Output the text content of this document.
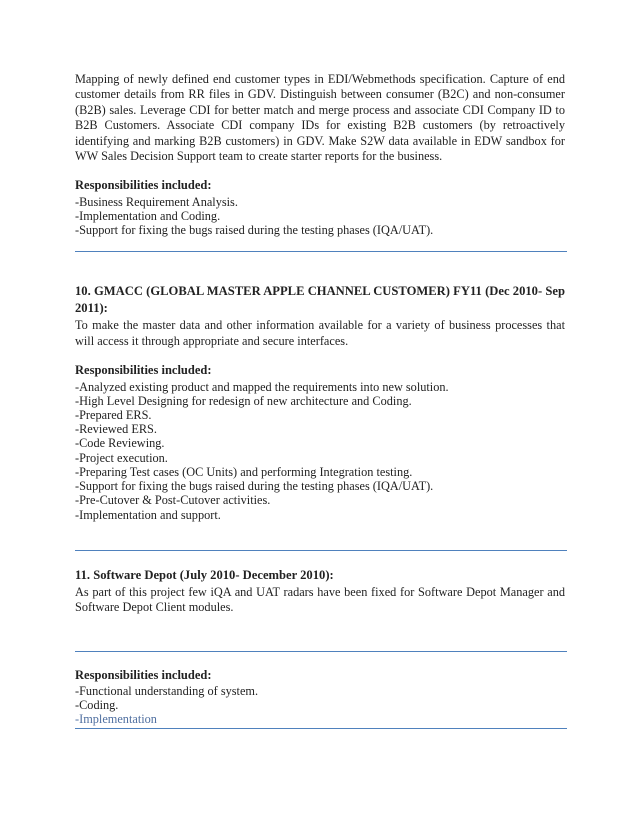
Mapping of newly defined end customer types in EDI/Webmethods specification. Capture of end customer details from RR files in GDV. Distinguish between consumer (B2C) and non-consumer (B2B) sales. Leverage CDI for better match and merge process and associate CDI Company ID to B2B Customers. Associate CDI company IDs for existing B2B customers (by retroactively identifying and marking B2B customers) in GDV. Make S2W data available in EDW sandbox for WW Sales Decision Support team to create starter reports for the business.

Responsibilities included:

-Business Requirement Analysis.
-Implementation and Coding.
-Support for fixing the bugs raised during the testing phases (IQA/UAT).

10. GMACC (GLOBAL MASTER APPLE CHANNEL CUSTOMER) FY11 (Dec 2010- Sep 2011):

To make the master data and other information available for a variety of business processes that will access it through appropriate and secure interfaces.

Responsibilities included:

-Analyzed existing product and mapped the requirements into new solution.
-High Level Designing for redesign of new architecture and Coding.
-Prepared ERS.
-Reviewed ERS.
-Code Reviewing.
-Project execution.
-Preparing Test cases (OC Units) and performing Integration testing.
-Support for fixing the bugs raised during the testing phases (IQA/UAT).
-Pre-Cutover & Post-Cutover activities.
-Implementation and support.

11. Software Depot (July 2010- December 2010):

As part of this project few iQA and UAT radars have been fixed for Software Depot Manager and Software Depot Client modules.

Responsibilities included:

-Functional understanding of system.
-Coding.
-Implementation
